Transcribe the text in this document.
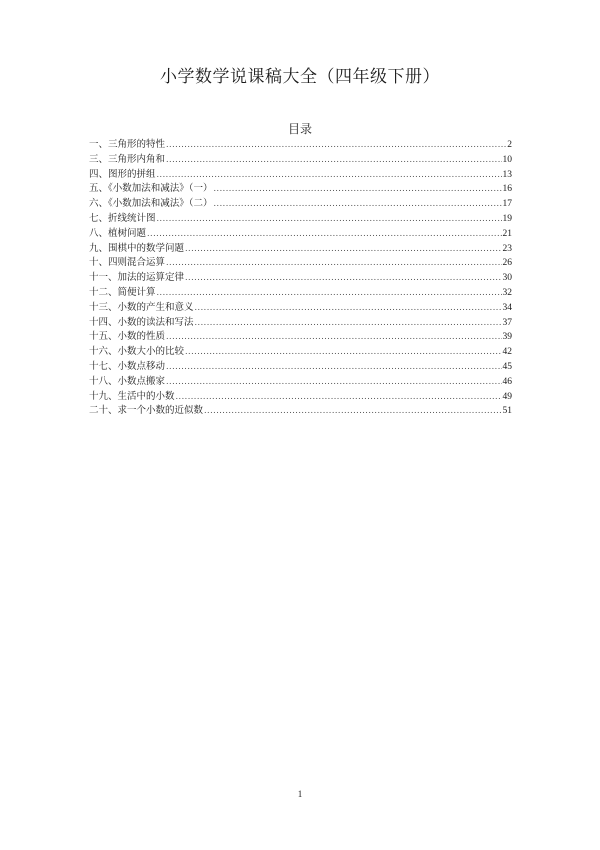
小学数学说课稿大全（四年级下册）
目录
一、三角形的特性 .....	2
三、三角形内角和 .....	10
四、图形的拼组 .....	13
五、《小数加法和减法》（一） .....	16
六、《小数加法和减法》（二） .....	17
七、折线统计图 .....	19
八、植树问题 .....	21
九、围棋中的数学问题 .....	23
十、四则混合运算 .....	26
十一、加法的运算定律 .....	30
十二、简便计算 .....	32
十三、小数的产生和意义 .....	34
十四、小数的读法和写法 .....	37
十五、小数的性质 .....	39
十六、小数大小的比较 .....	42
十七、小数点移动 .....	45
十八、小数点搬家 .....	46
十九、生活中的小数 .....	49
二十、求一个小数的近似数 .....	51
1
